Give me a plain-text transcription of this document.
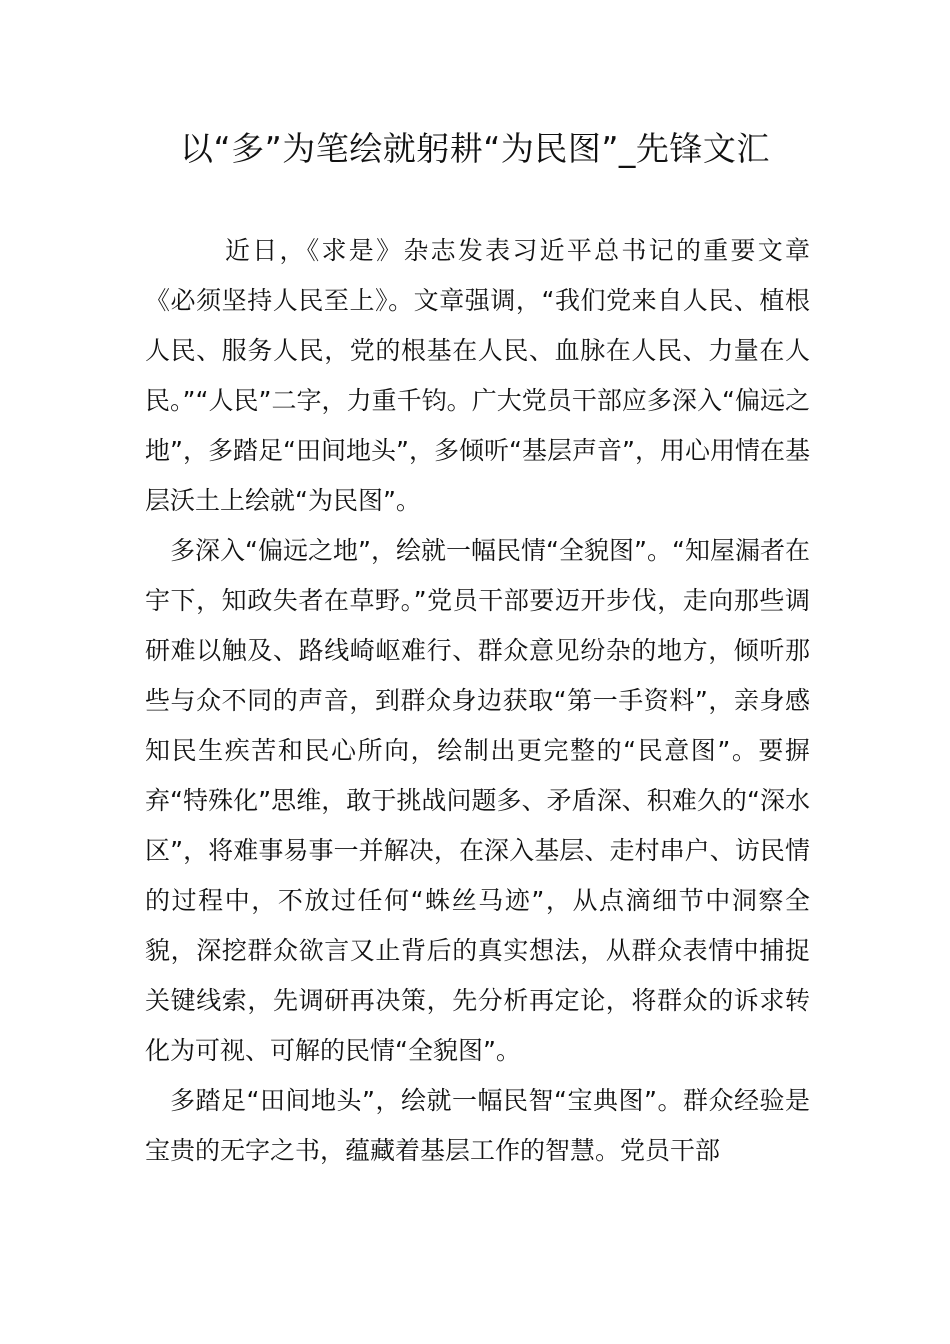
以“多”为笔绘就躬耕“为民图”_先锋文汇

近日，《求是》杂志发表习近平总书记的重要文章《必须坚持人民至上》。文章强调，“我们党来自人民、植根人民、服务人民，党的根基在人民、血脉在人民、力量在人民。”“人民”二字，力重千钧。广大党员干部应多深入“偏远之地”，多踏足“田间地头”，多倾听“基层声音”，用心用情在基层沃土上绘就“为民图”。

多深入“偏远之地”，绘就一幅民情“全貌图”。“知屋漏者在宇下，知政失者在草野。”党员干部要迈开步伐，走向那些调研难以触及、路线崎岖难行、群众意见纷杂的地方，倾听那些与众不同的声音，到群众身边获取“第一手资料”，亲身感知民生疾苦和民心所向，绘制出更完整的“民意图”。要摒弃“特殊化”思维，敢于挑战问题多、矛盾深、积难久的“深水区”，将难事易事一并解决，在深入基层、走村串户、访民情的过程中，不放过任何“蛛丝马迹”，从点滴细节中洞察全貌，深挖群众欲言又止背后的真实想法，从群众表情中捕捉关键线索，先调研再决策，先分析再定论，将群众的诉求转化为可视、可解的民情“全貌图”。

多踏足“田间地头”，绘就一幅民智“宝典图”。群众经验是宝贵的无字之书，蕴藏着基层工作的智慧。党员干部
